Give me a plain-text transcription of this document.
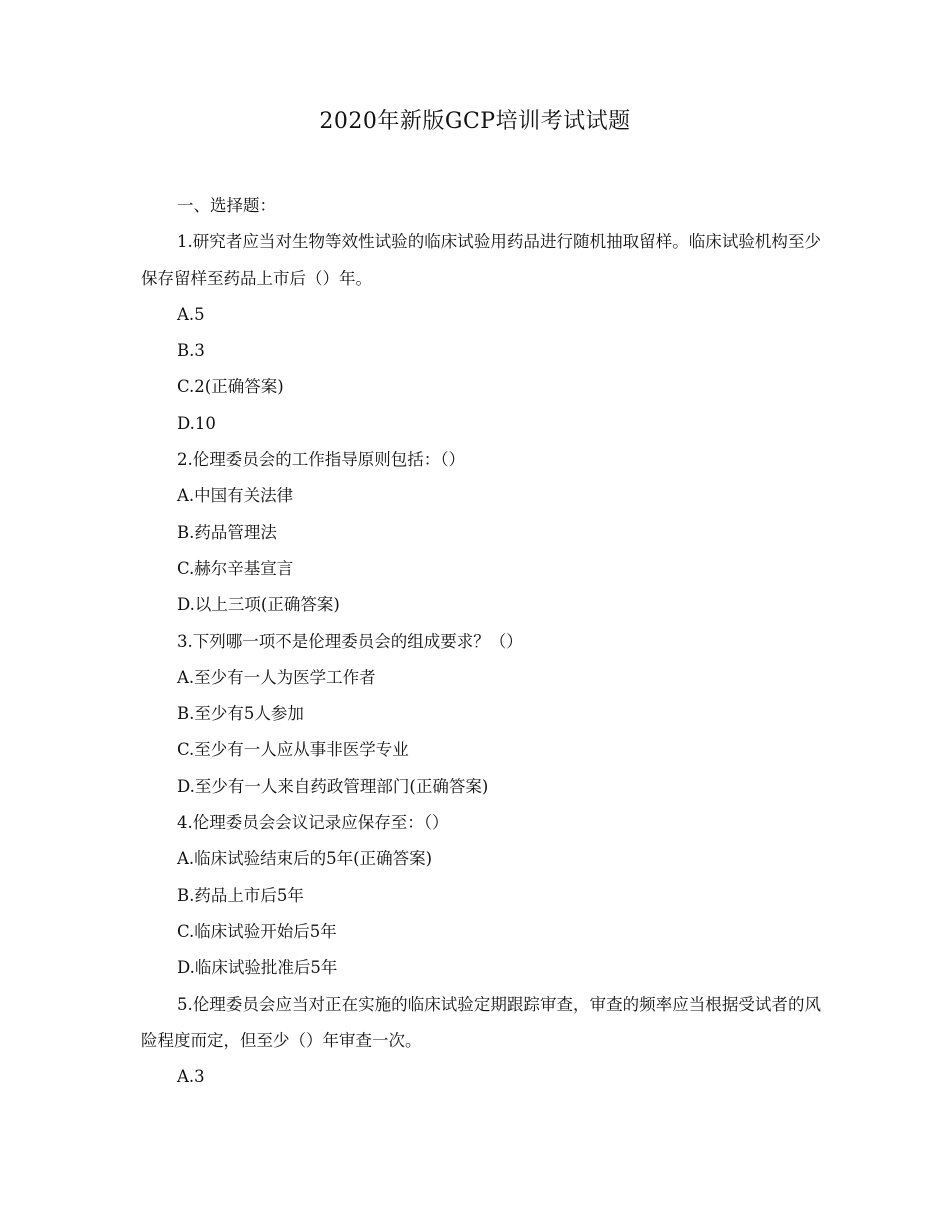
2020年新版GCP培训考试试题
一、选择题：
1.研究者应当对生物等效性试验的临床试验用药品进行随机抽取留样。临床试验机构至少保存留样至药品上市后（）年。
A.5
B.3
C.2(正确答案)
D.10
2.伦理委员会的工作指导原则包括：（）
A.中国有关法律
B.药品管理法
C.赫尔辛基宣言
D.以上三项(正确答案)
3.下列哪一项不是伦理委员会的组成要求？（）
A.至少有一人为医学工作者
B.至少有5人参加
C.至少有一人应从事非医学专业
D.至少有一人来自药政管理部门(正确答案)
4.伦理委员会会议记录应保存至：（）
A.临床试验结束后的5年(正确答案)
B.药品上市后5年
C.临床试验开始后5年
D.临床试验批准后5年
5.伦理委员会应当对正在实施的临床试验定期跟踪审查，审查的频率应当根据受试者的风险程度而定，但至少（）年审查一次。
A.3
